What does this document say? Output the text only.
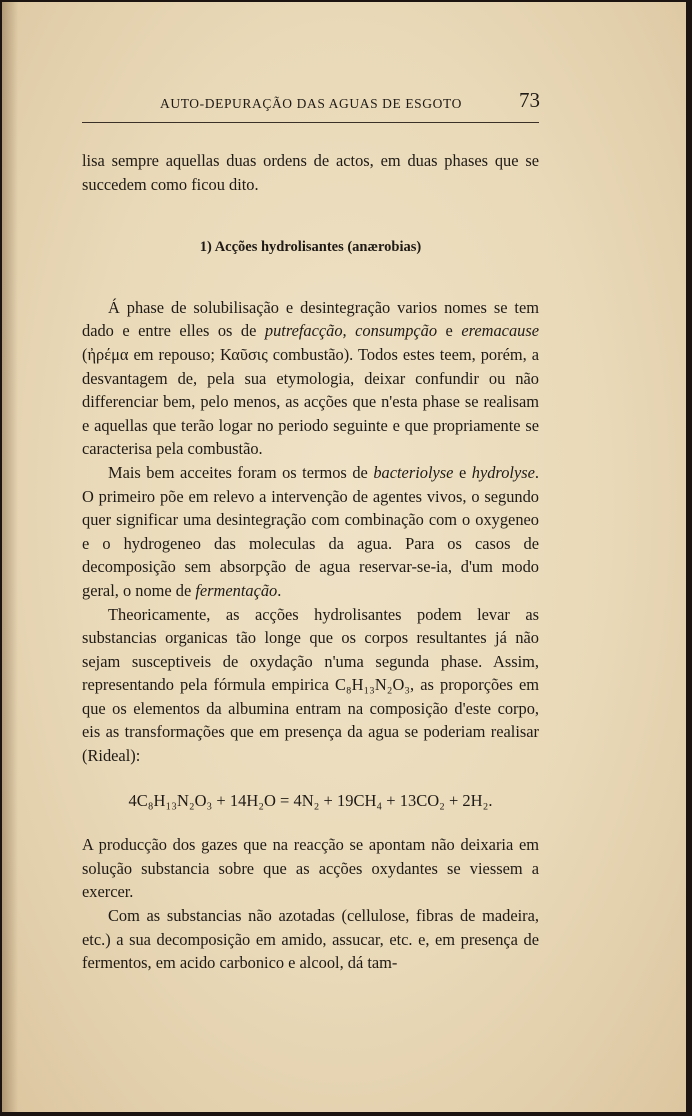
AUTO-DEPURAÇÃO DAS AGUAS DE ESGOTO	73

lisa sempre aquellas duas ordens de actos, em duas phases que se succedem como ficou dito.

1) Acções hydrolisantes (anærobias)

Á phase de solubilisação e desintegração varios nomes se tem dado e entre elles os de putrefacção, consumpção e eremacause (ἠρέμα em repouso; Καῦσις combustão). Todos estes teem, porém, a desvantagem de, pela sua etymologia, deixar confundir ou não differenciar bem, pelo menos, as acções que n'esta phase se realisam e aquellas que terão logar no periodo seguinte e que propriamente se caracterisa pela combustão.

Mais bem acceites foram os termos de bacteriolyse e hydrolyse. O primeiro põe em relevo a intervenção de agentes vivos, o segundo quer significar uma desintegração com combinação com o oxygeneo e o hydrogeneo das moleculas da agua. Para os casos de decomposição sem absorpção de agua reservar-se-ia, d'um modo geral, o nome de fermentação.

Theoricamente, as acções hydrolisantes podem levar as substancias organicas tão longe que os corpos resultantes já não sejam susceptiveis de oxydação n'uma segunda phase. Assim, representando pela fórmula empirica C₈H₁₃N₂O₃, as proporções em que os elementos da albumina entram na composição d'este corpo, eis as transformações que em presença da agua se poderiam realisar (Rideal):

4C₈H₁₃N₂O₃ + 14H₂O = 4N₂ + 19CH₄ + 13CO₂ + 2H₂.

A producção dos gazes que na reacção se apontam não deixaria em solução substancia sobre que as acções oxydantes se viessem a exercer.

Com as substancias não azotadas (cellulose, fibras de madeira, etc.) a sua decomposição em amido, assucar, etc. e, em presença de fermentos, em acido carbonico e alcool, dá tam-
